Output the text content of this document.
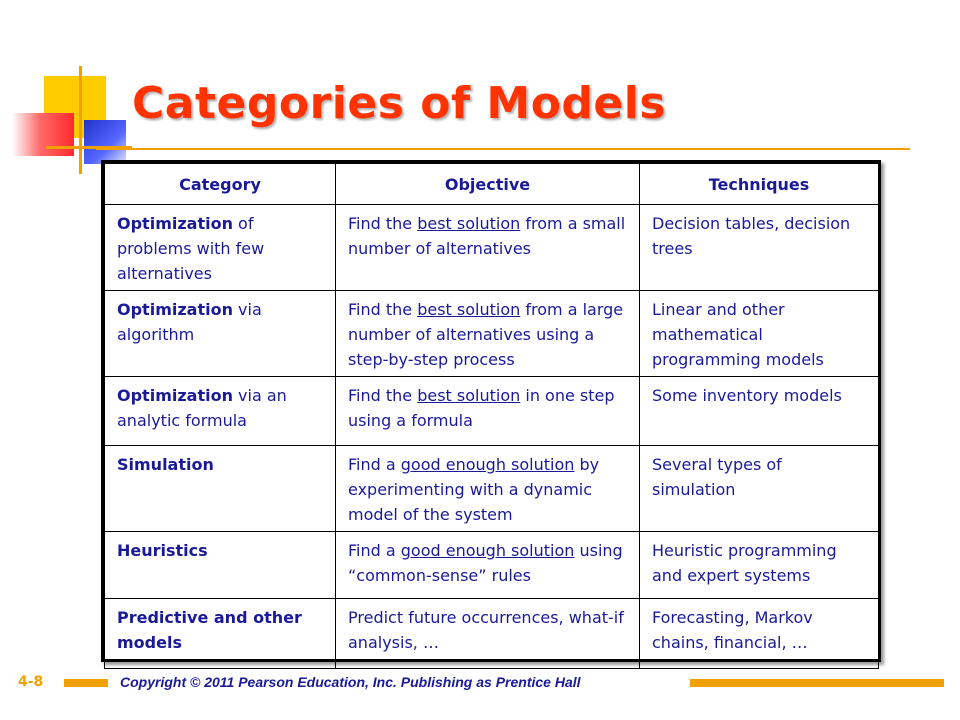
Categories of Models
Category	Objective	Techniques
Optimization of problems with few alternatives	Find the best solution from a small number of alternatives	Decision tables, decision trees
Optimization via algorithm	Find the best solution from a large number of alternatives using a step-by-step process	Linear and other mathematical programming models
Optimization via an analytic formula	Find the best solution in one step using a formula	Some inventory models
Simulation	Find a good enough solution by experimenting with a dynamic model of the system	Several types of simulation
Heuristics	Find a good enough solution using “common-sense” rules	Heuristic programming and expert systems
Predictive and other models	Predict future occurrences, what-if analysis, …	Forecasting, Markov chains, financial, …
4-8	Copyright © 2011 Pearson Education, Inc. Publishing as Prentice Hall
